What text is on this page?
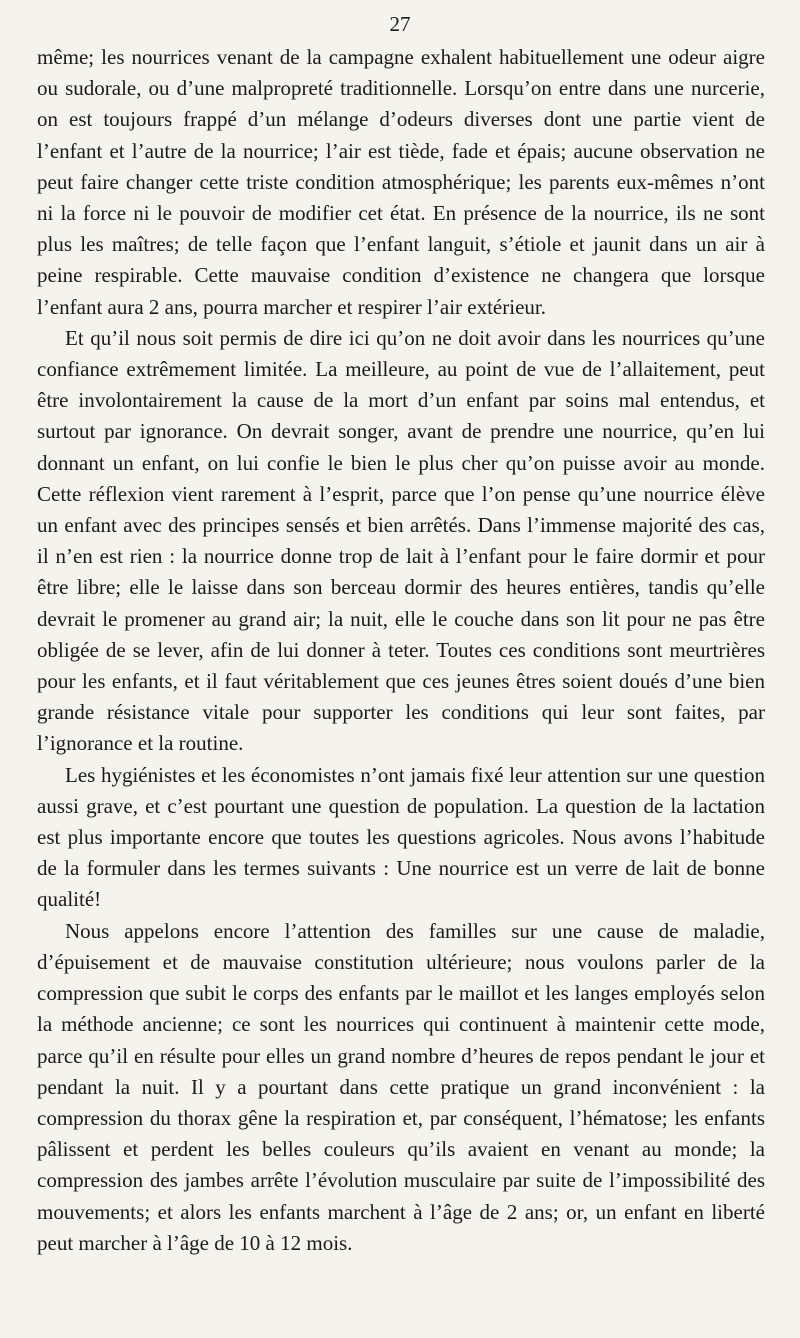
27

même; les nourrices venant de la campagne exhalent habituellement une odeur aigre ou sudorale, ou d’une malpropreté traditionnelle. Lorsqu’on entre dans une nurcerie, on est toujours frappé d’un mélange d’odeurs diverses dont une partie vient de l’enfant et l’autre de la nourrice; l’air est tiède, fade et épais; aucune observation ne peut faire changer cette triste condition atmosphérique; les parents eux-mêmes n’ont ni la force ni le pouvoir de modifier cet état. En présence de la nourrice, ils ne sont plus les maîtres; de telle façon que l’enfant languit, s’étiole et jaunit dans un air à peine respirable. Cette mauvaise condition d’existence ne changera que lorsque l’enfant aura 2 ans, pourra marcher et respirer l’air extérieur.

Et qu’il nous soit permis de dire ici qu’on ne doit avoir dans les nourrices qu’une confiance extrêmement limitée. La meilleure, au point de vue de l’allaitement, peut être involontairement la cause de la mort d’un enfant par soins mal entendus, et surtout par ignorance. On devrait songer, avant de prendre une nourrice, qu’en lui donnant un enfant, on lui confie le bien le plus cher qu’on puisse avoir au monde. Cette réflexion vient rarement à l’esprit, parce que l’on pense qu’une nourrice élève un enfant avec des principes sensés et bien arrêtés. Dans l’immense majorité des cas, il n’en est rien : la nourrice donne trop de lait à l’enfant pour le faire dormir et pour être libre; elle le laisse dans son berceau dormir des heures entières, tandis qu’elle devrait le promener au grand air; la nuit, elle le couche dans son lit pour ne pas être obligée de se lever, afin de lui donner à teter. Toutes ces conditions sont meurtrières pour les enfants, et il faut véritablement que ces jeunes êtres soient doués d’une bien grande résistance vitale pour supporter les conditions qui leur sont faites, par l’ignorance et la routine.

Les hygiénistes et les économistes n’ont jamais fixé leur attention sur une question aussi grave, et c’est pourtant une question de population. La question de la lactation est plus importante encore que toutes les questions agricoles. Nous avons l’habitude de la formuler dans les termes suivants : Une nourrice est un verre de lait de bonne qualité!

Nous appelons encore l’attention des familles sur une cause de maladie, d’épuisement et de mauvaise constitution ultérieure; nous voulons parler de la compression que subit le corps des enfants par le maillot et les langes employés selon la méthode ancienne; ce sont les nourrices qui continuent à maintenir cette mode, parce qu’il en résulte pour elles un grand nombre d’heures de repos pendant le jour et pendant la nuit. Il y a pourtant dans cette pratique un grand inconvénient : la compression du thorax gêne la respiration et, par conséquent, l’hématose; les enfants pâlissent et perdent les belles couleurs qu’ils avaient en venant au monde; la compression des jambes arrête l’évolution musculaire par suite de l’impossibilité des mouvements; et alors les enfants marchent à l’âge de 2 ans; or, un enfant en liberté peut marcher à l’âge de 10 à 12 mois.
